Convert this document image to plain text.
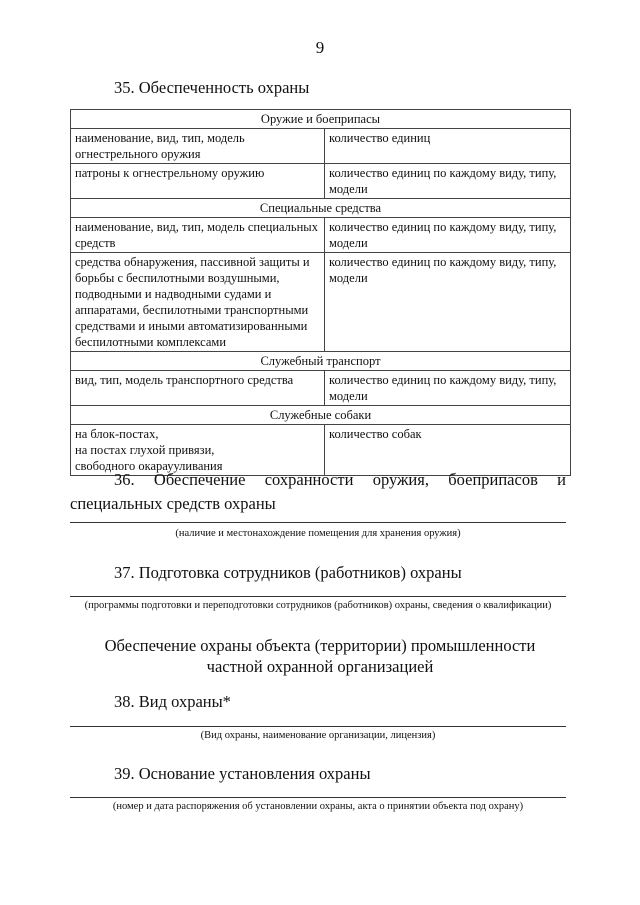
9
35. Обеспеченность охраны
Оружие и боеприпасы	
наименование, вид, тип, модель огнестрельного оружия	количество единиц
патроны к огнестрельному оружию	количество единиц по каждому виду, типу, модели
Специальные средства	
наименование, вид, тип, модель специальных средств	количество единиц по каждому виду, типу, модели
средства обнаружения, пассивной защиты и борьбы с беспилотными воздушными, подводными и надводными судами и аппаратами, беспилотными транспортными средствами и иными автоматизированными беспилотными комплексами	количество единиц по каждому виду, типу, модели
Служебный транспорт	
вид, тип, модель транспортного средства	количество единиц по каждому виду, типу, модели
Служебные собаки	

на блок-постах,
на постах глухой привязи,
свободного окараууливания	количество собак
36. Обеспечение сохранности оружия, боеприпасов и специальных средств охраны
(наличие и местонахождение помещения для хранения оружия)
37. Подготовка сотрудников (работников) охраны
(программы подготовки и переподготовки сотрудников (работников) охраны, сведения о квалификации)
Обеспечение охраны объекта (территории) промышленности
частной охранной организацией
38. Вид охраны*
(Вид охраны, наименование организации, лицензия)
39. Основание установления охраны
(номер и дата распоряжения об установлении охраны, акта о принятии объекта под охрану)
